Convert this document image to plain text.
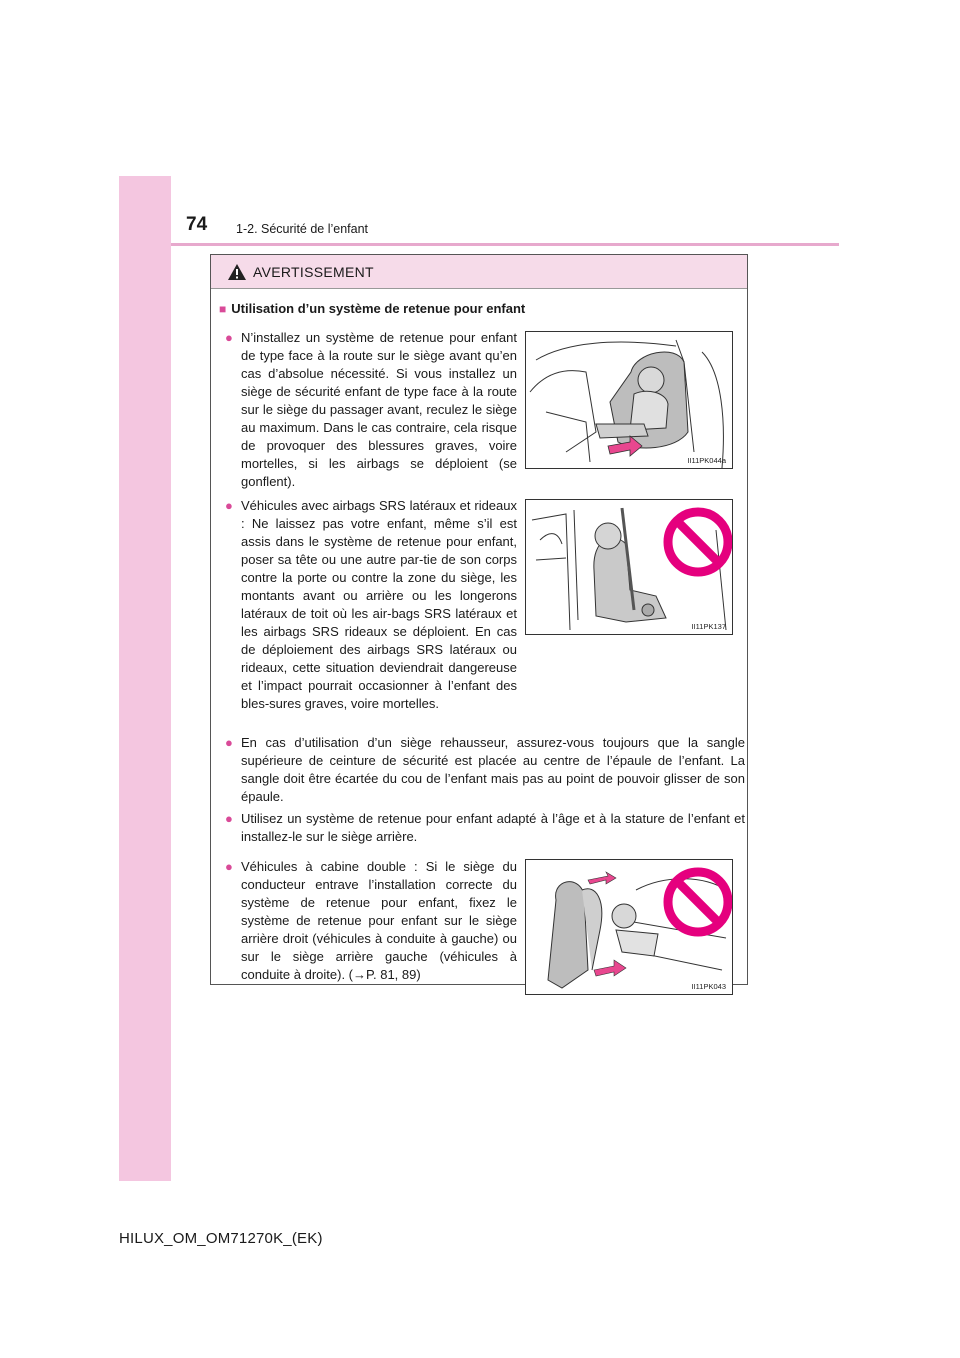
74 1-2. Sécurité de l’enfant
AVERTISSEMENT
■ Utilisation d’un système de retenue pour enfant
● N’installez un système de retenue pour enfant de type face à la route sur le siège avant qu’en cas d’absolue nécessité. Si vous installez un siège de sécurité enfant de type face à la route sur le siège du passager avant, reculez le siège au maximum. Dans le cas contraire, cela risque de provoquer des blessures graves, voire mortelles, si les airbags se déploient (se gonflent).
II11PK044a
● Véhicules avec airbags SRS latéraux et rideaux : Ne laissez pas votre enfant, même s’il est assis dans le système de retenue pour enfant, poser sa tête ou une autre par-tie de son corps contre la porte ou contre la zone du siège, les montants avant ou arrière ou les longerons latéraux de toit où les air-bags SRS latéraux et les airbags SRS rideaux se déploient. En cas de déploiement des airbags SRS latéraux ou rideaux, cette situation deviendrait dangereuse et l’impact pourrait occasionner à l’enfant des bles-sures graves, voire mortelles.
II11PK137
● En cas d’utilisation d’un siège rehausseur, assurez-vous toujours que la sangle supérieure de ceinture de sécurité est placée au centre de l’épaule de l’enfant. La sangle doit être écartée du cou de l’enfant mais pas au point de pouvoir glisser de son épaule.
● Utilisez un système de retenue pour enfant adapté à l’âge et à la stature de l’enfant et installez-le sur le siège arrière.
● Véhicules à cabine double : Si le siège du conducteur entrave l’installation correcte du système de retenue pour enfant, fixez le système de retenue pour enfant sur le siège arrière droit (véhicules à conduite à gauche) ou sur le siège arrière gauche (véhicules à conduite à droite). (→P. 81, 89)
II11PK043
HILUX_OM_OM71270K_(EK)
